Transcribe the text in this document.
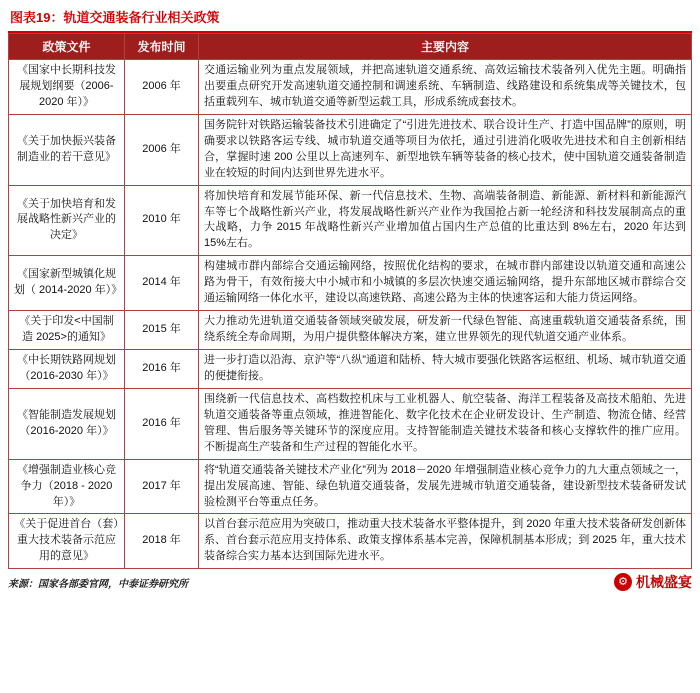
图表19：轨道交通装备行业相关政策
政策文件	发布时间	主要内容
《国家中长期科技发展规划纲要（2006-2020 年）》	2006 年	交通运输业列为重点发展领域，并把高速轨道交通系统、高效运输技术装备列入优先主题。明确指出要重点研究开发高速轨道交通控制和调速系统、车辆制造、线路建设和系统集成等关键技术，包括重载列车、城市轨道交通等新型运载工具，形成系统成套技术。
《关于加快振兴装备制造业的若干意见》	2006 年	国务院针对铁路运输装备技术引进确定了“引进先进技术、联合设计生产、打造中国品牌”的原则，明确要求以铁路客运专线、城市轨道交通等项目为依托，通过引进消化吸收先进技术和自主创新相结合，掌握时速 200 公里以上高速列车、新型地铁车辆等装备的核心技术，使中国轨道交通装备制造业在较短的时间内达到世界先进水平。
《关于加快培育和发展战略性新兴产业的决定》	2010 年	将加快培育和发展节能环保、新一代信息技术、生物、高端装备制造、新能源、新材料和新能源汽车等七个战略性新兴产业，将发展战略性新兴产业作为我国抢占新一轮经济和科技发展制高点的重大战略，力争 2015 年战略性新兴产业增加值占国内生产总值的比重达到 8%左右，2020 年达到 15%左右。
《国家新型城镇化规划（ 2014-2020 年）》	2014 年	构建城市群内部综合交通运输网络，按照优化结构的要求，在城市群内部建设以轨道交通和高速公路为骨干，有效衔接大中小城市和小城镇的多层次快速交通运输网络，提升东部地区城市群综合交通运输网络一体化水平，建设以高速铁路、高速公路为主体的快速客运和大能力货运网络。
《关于印发<中国制造 2025>的通知》	2015 年	大力推动先进轨道交通装备领域突破发展，研发新一代绿色智能、高速重载轨道交通装备系统，围绕系统全寿命周期，为用户提供整体解决方案，建立世界领先的现代轨道交通产业体系。
《中长期铁路网规划（2016-2030 年）》	2016 年	进一步打造以沿海、京沪等“八纵”通道和陆桥、特大城市要强化铁路客运枢纽、机场、城市轨道交通的便捷衔接。
《智能制造发展规划（2016-2020 年）》	2016 年	围绕新一代信息技术、高档数控机床与工业机器人、航空装备、海洋工程装备及高技术船舶、先进轨道交通装备等重点领域，推进智能化、数字化技术在企业研发设计、生产制造、物流仓储、经营管理、售后服务等关键环节的深度应用。支持智能制造关键技术装备和核心支撑软件的推广应用。不断提高生产装备和生产过程的智能化水平。
《增强制造业核心竞争力（2018 - 2020 年）》	2017 年	将“轨道交通装备关键技术产业化”列为 2018－2020 年增强制造业核心竞争力的九大重点领域之一，提出发展高速、智能、绿色轨道交通装备，发展先进城市轨道交通装备，建设新型技术装备研发试验检测平台等重点任务。
《关于促进首台（套）重大技术装备示范应用的意见》	2018 年	以首台套示范应用为突破口，推动重大技术装备水平整体提升，到 2020 年重大技术装备研发创新体系、首台套示范应用支持体系、政策支撑体系基本完善，保障机制基本形成；到 2025 年，重大技术装备综合实力基本达到国际先进水平。
来源：国家各部委官网，中泰证券研究所	⚙ 机械盛宴
